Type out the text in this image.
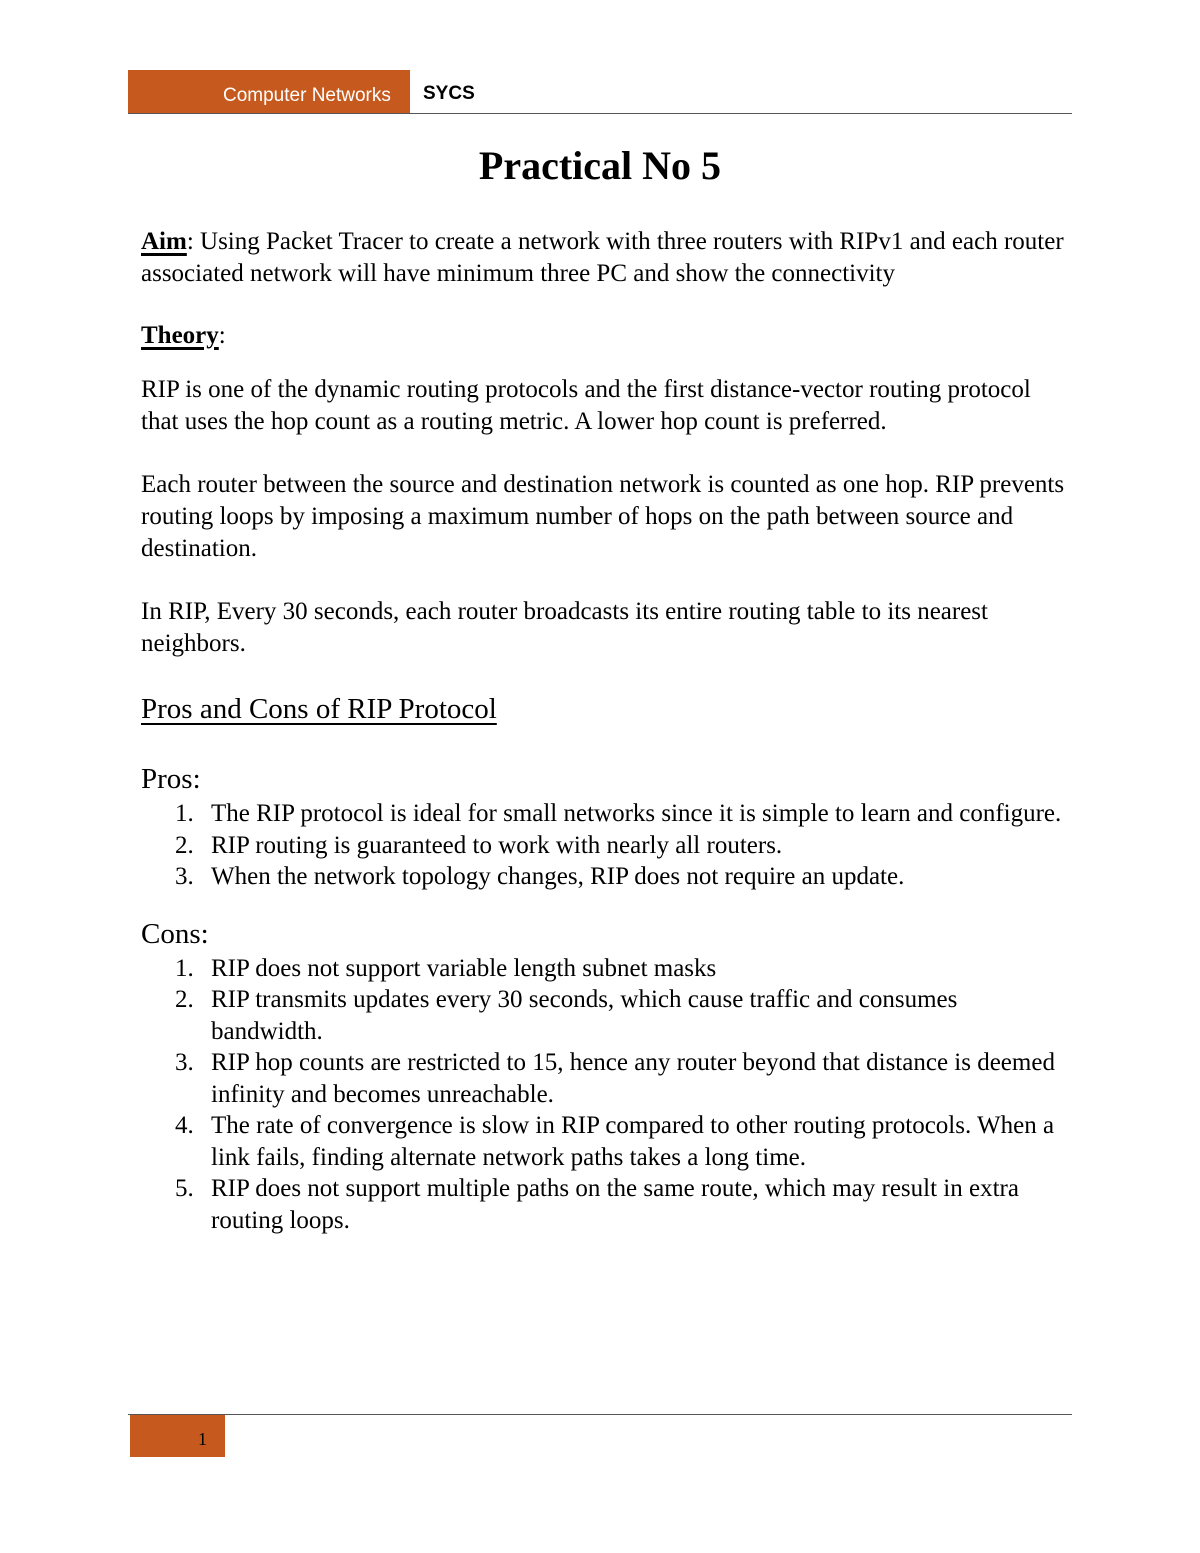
Computer Networks SYCS
Practical No 5

Aim: Using Packet Tracer to create a network with three routers with RIPv1 and each router associated network will have minimum three PC and show the connectivity

Theory:

RIP is one of the dynamic routing protocols and the first distance-vector routing protocol that uses the hop count as a routing metric. A lower hop count is preferred.

Each router between the source and destination network is counted as one hop. RIP prevents routing loops by imposing a maximum number of hops on the path between source and destination.

In RIP, Every 30 seconds, each router broadcasts its entire routing table to its nearest neighbors.

Pros and Cons of RIP Protocol
Pros:
1. The RIP protocol is ideal for small networks since it is simple to learn and configure.
2. RIP routing is guaranteed to work with nearly all routers.
3. When the network topology changes, RIP does not require an update.
Cons:
1. RIP does not support variable length subnet masks
2. RIP transmits updates every 30 seconds, which cause traffic and consumes bandwidth.
3. RIP hop counts are restricted to 15, hence any router beyond that distance is deemed infinity and becomes unreachable.
4. The rate of convergence is slow in RIP compared to other routing protocols. When a link fails, finding alternate network paths takes a long time.
5. RIP does not support multiple paths on the same route, which may result in extra routing loops.
1
